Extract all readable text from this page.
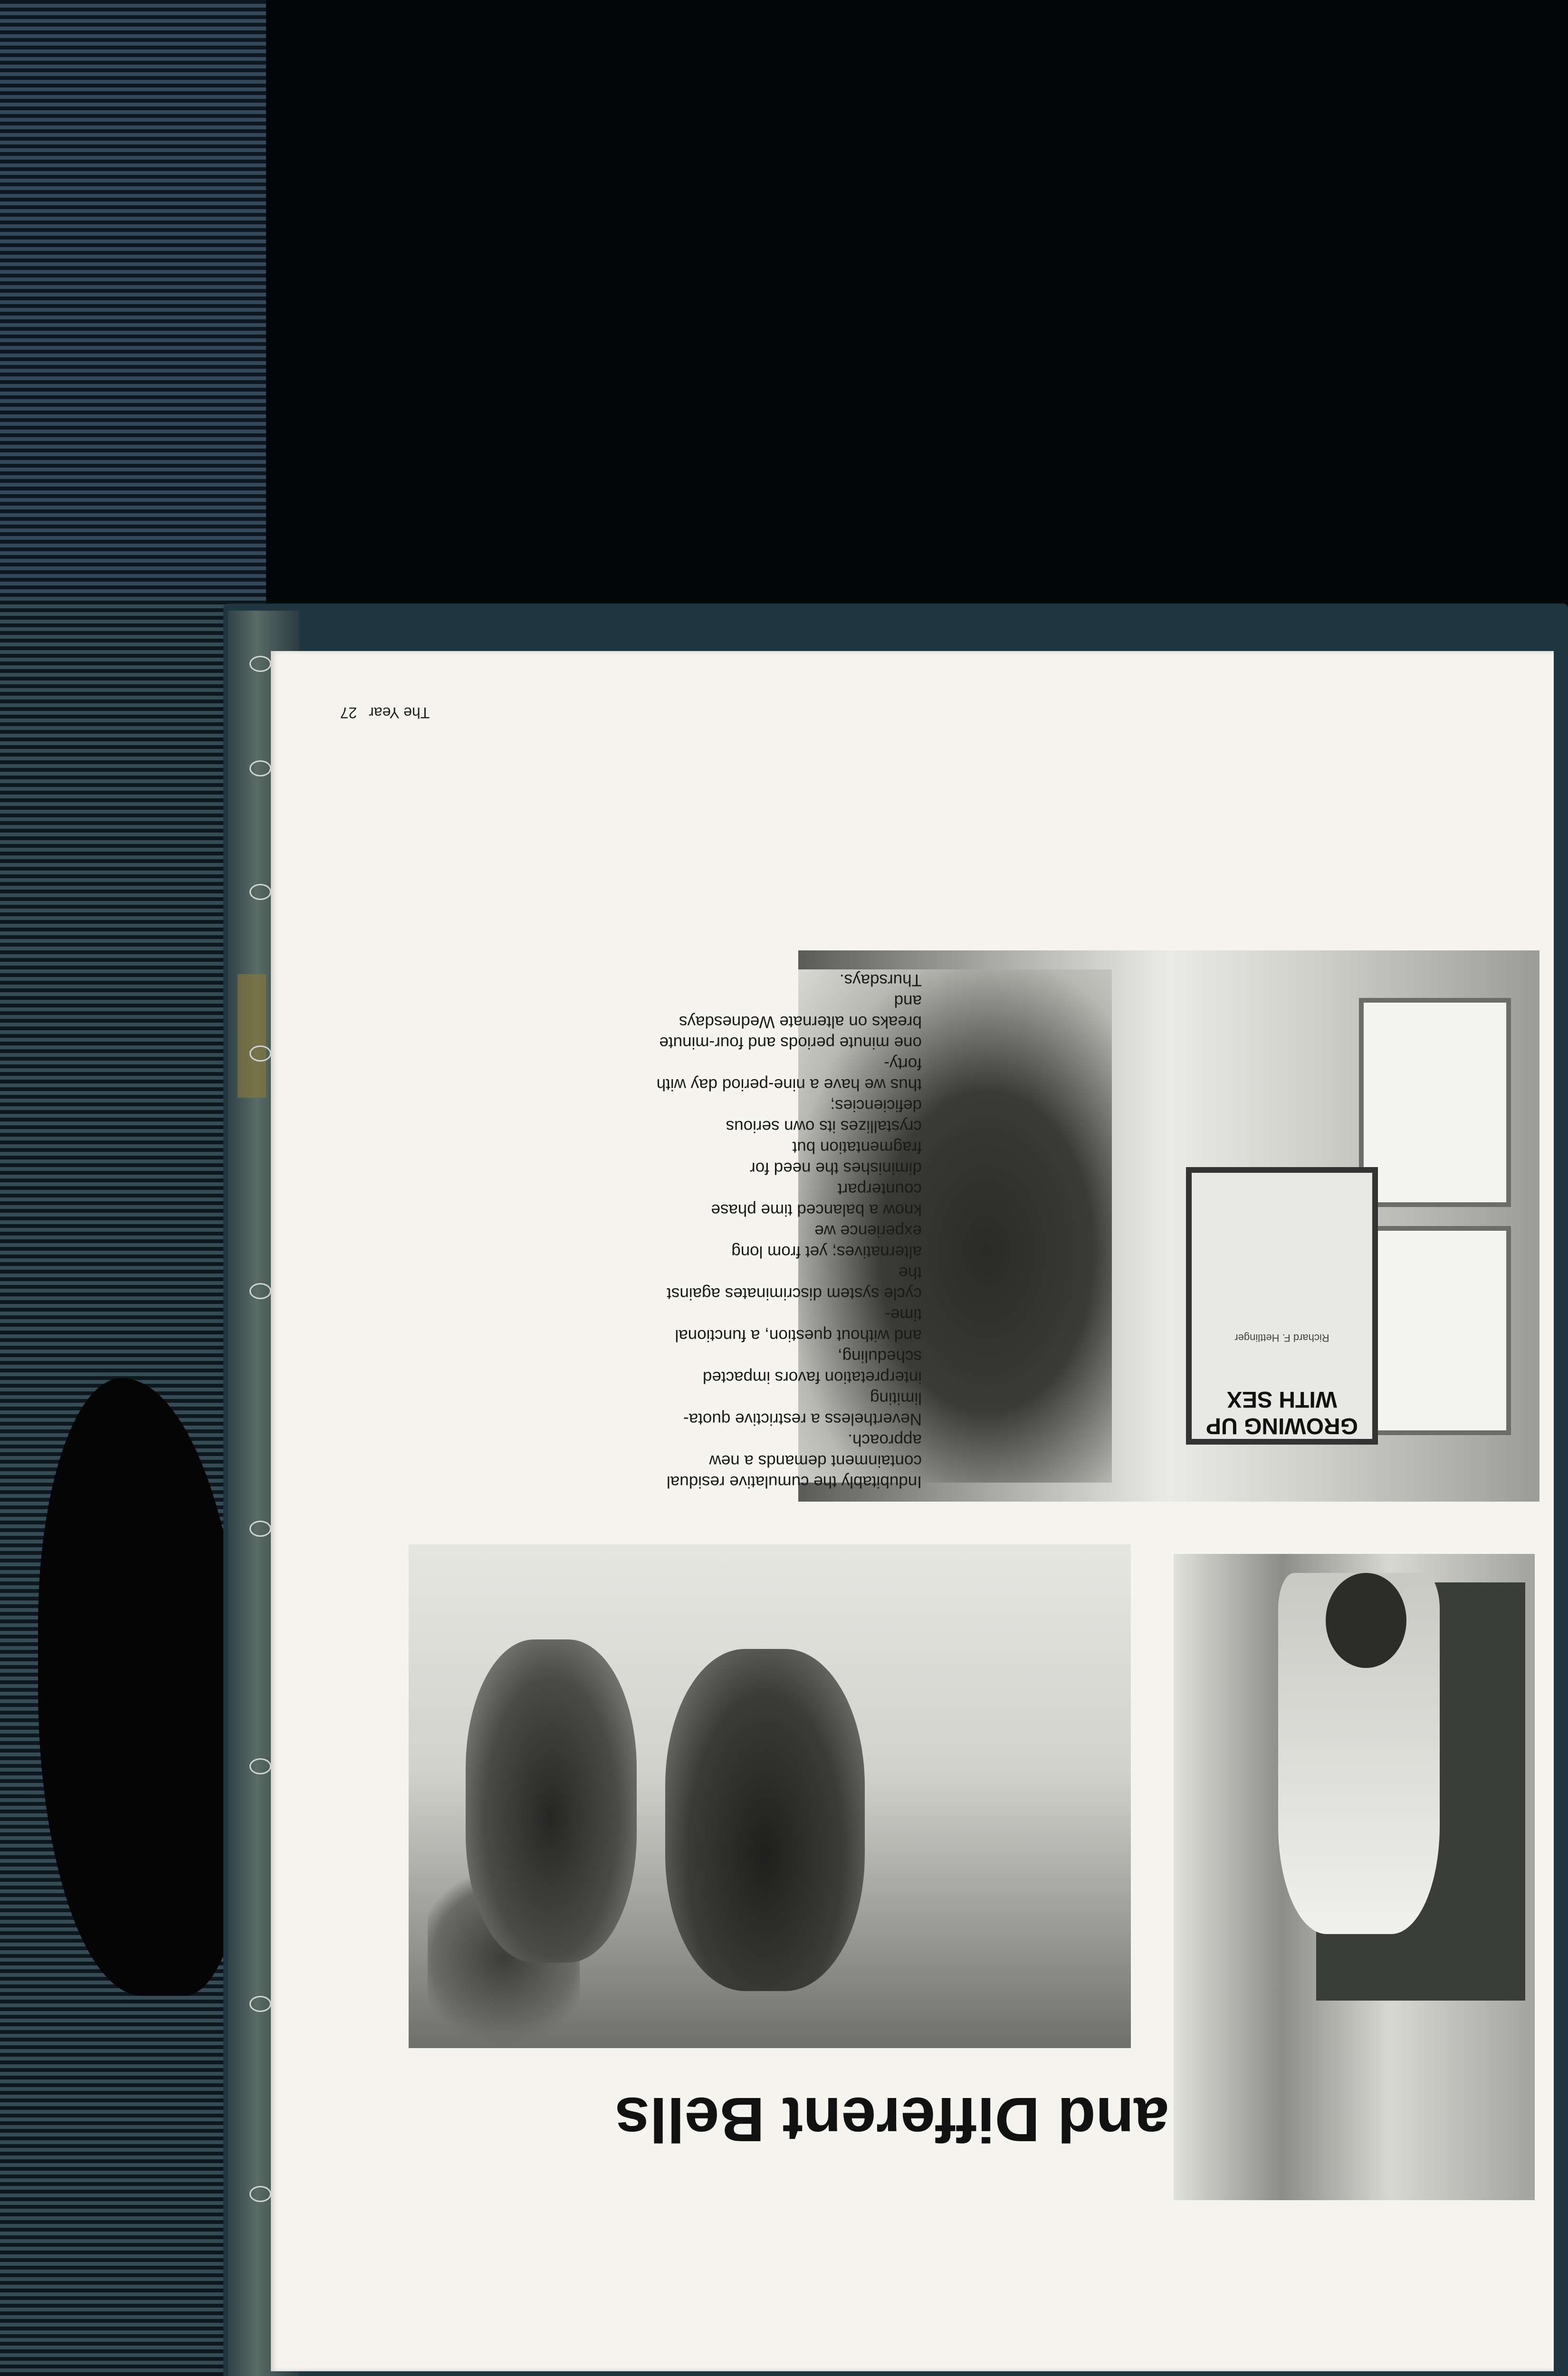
The Year 27
GROWING UP WITH SEX
Richard F. Hettlinger

Indubitably the cumulative residual

containment demands a new approach.

Nevertheless a restrictive quota-limiting

interpretation favors impacted scheduling,

and without question, a functional time-

cycle system discriminates against the

alternatives; yet from long experience we

know a balanced time phase counterpart

diminishes the need for fragmentation but

crystallizes its own serious deficiencies;

thus we have a nine-period day with forty-

one minute periods and four-minute

breaks on alternate Wednesdays and

Thursdays.

and Different Bells
